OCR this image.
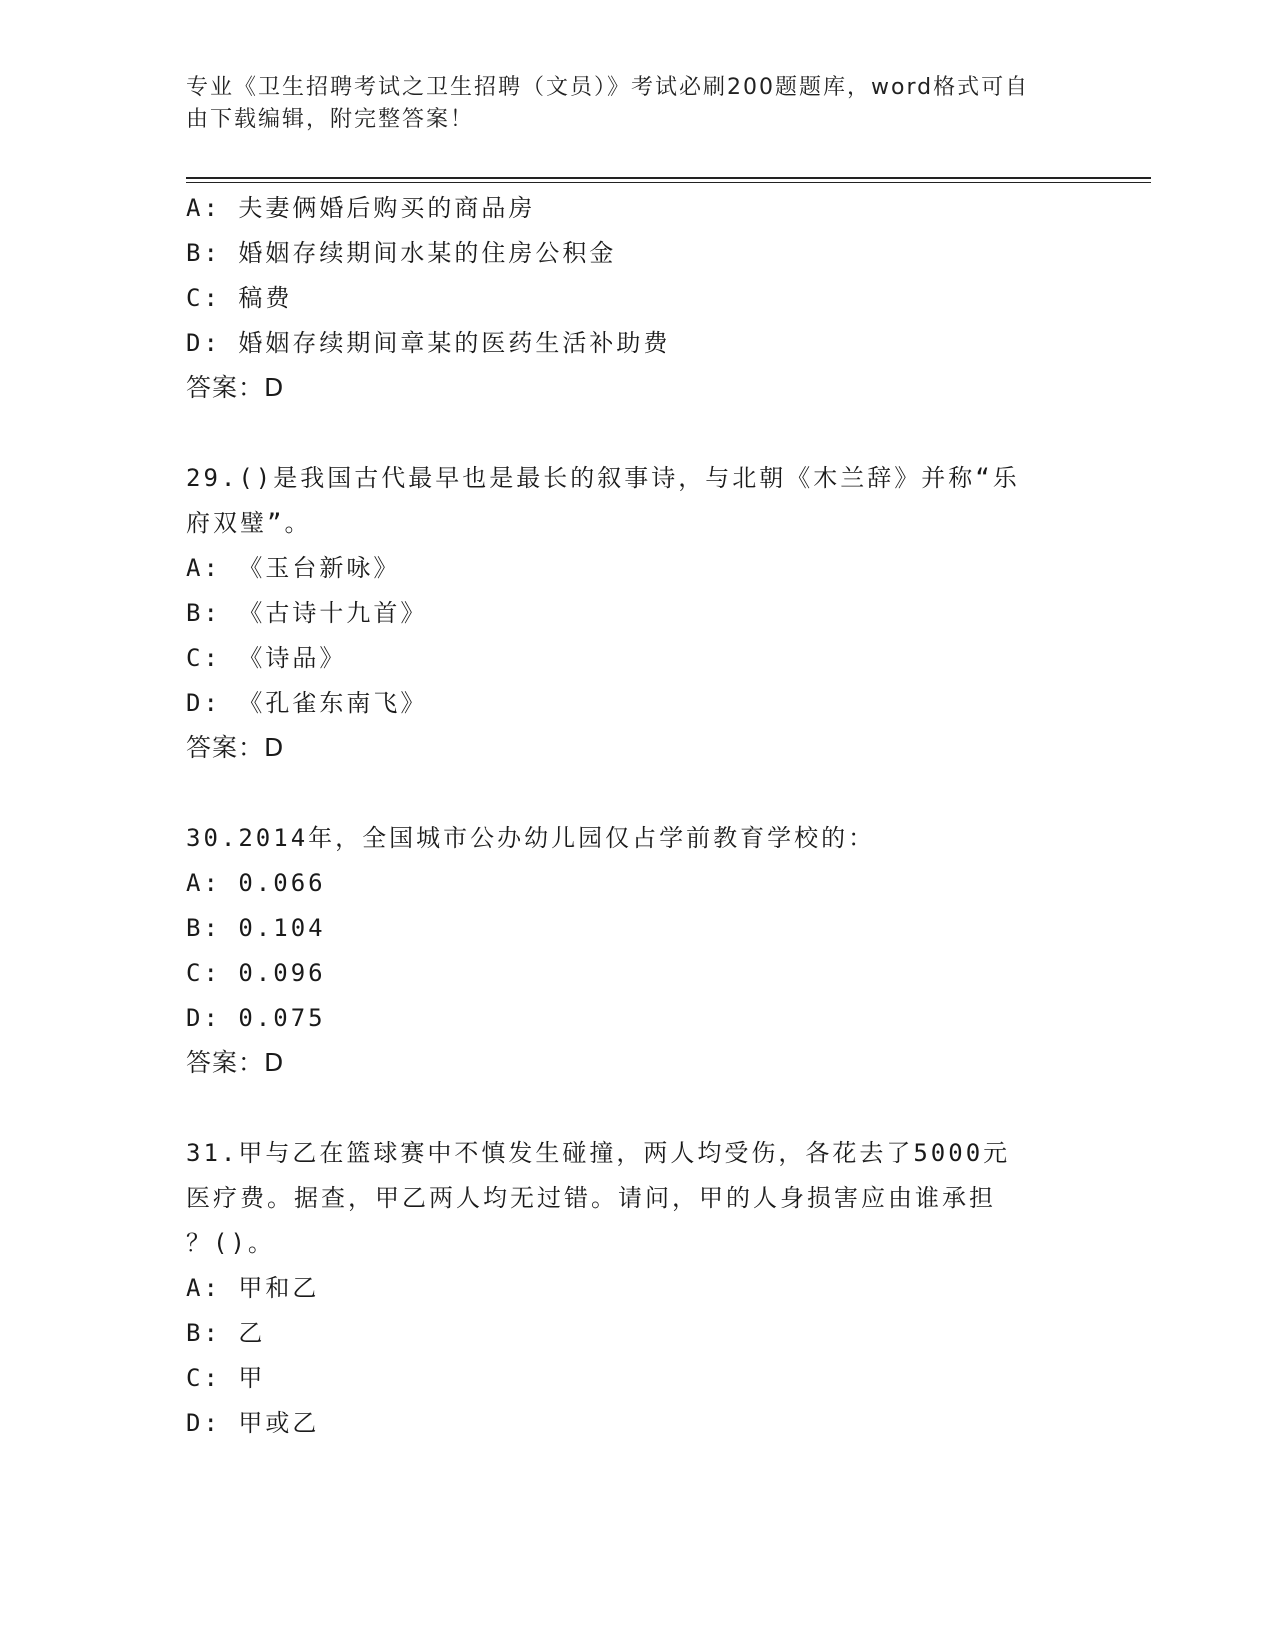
专业《卫生招聘考试之卫生招聘（文员）》考试必刷200题题库，word格式可自
由下载编辑，附完整答案！
A: 夫妻俩婚后购买的商品房
B: 婚姻存续期间水某的住房公积金
C: 稿费
D: 婚姻存续期间章某的医药生活补助费
答案：D
29.()是我国古代最早也是最长的叙事诗，与北朝《木兰辞》并称“乐
府双璧”。
A: 《玉台新咏》
B: 《古诗十九首》
C: 《诗品》
D: 《孔雀东南飞》
答案：D
30.2014年，全国城市公办幼儿园仅占学前教育学校的：
A: 0.066
B: 0.104
C: 0.096
D: 0.075
答案：D
31.甲与乙在篮球赛中不慎发生碰撞，两人均受伤，各花去了5000元
医疗费。据查，甲乙两人均无过错。请问，甲的人身损害应由谁承担
？()。
A: 甲和乙
B: 乙
C: 甲
D: 甲或乙
